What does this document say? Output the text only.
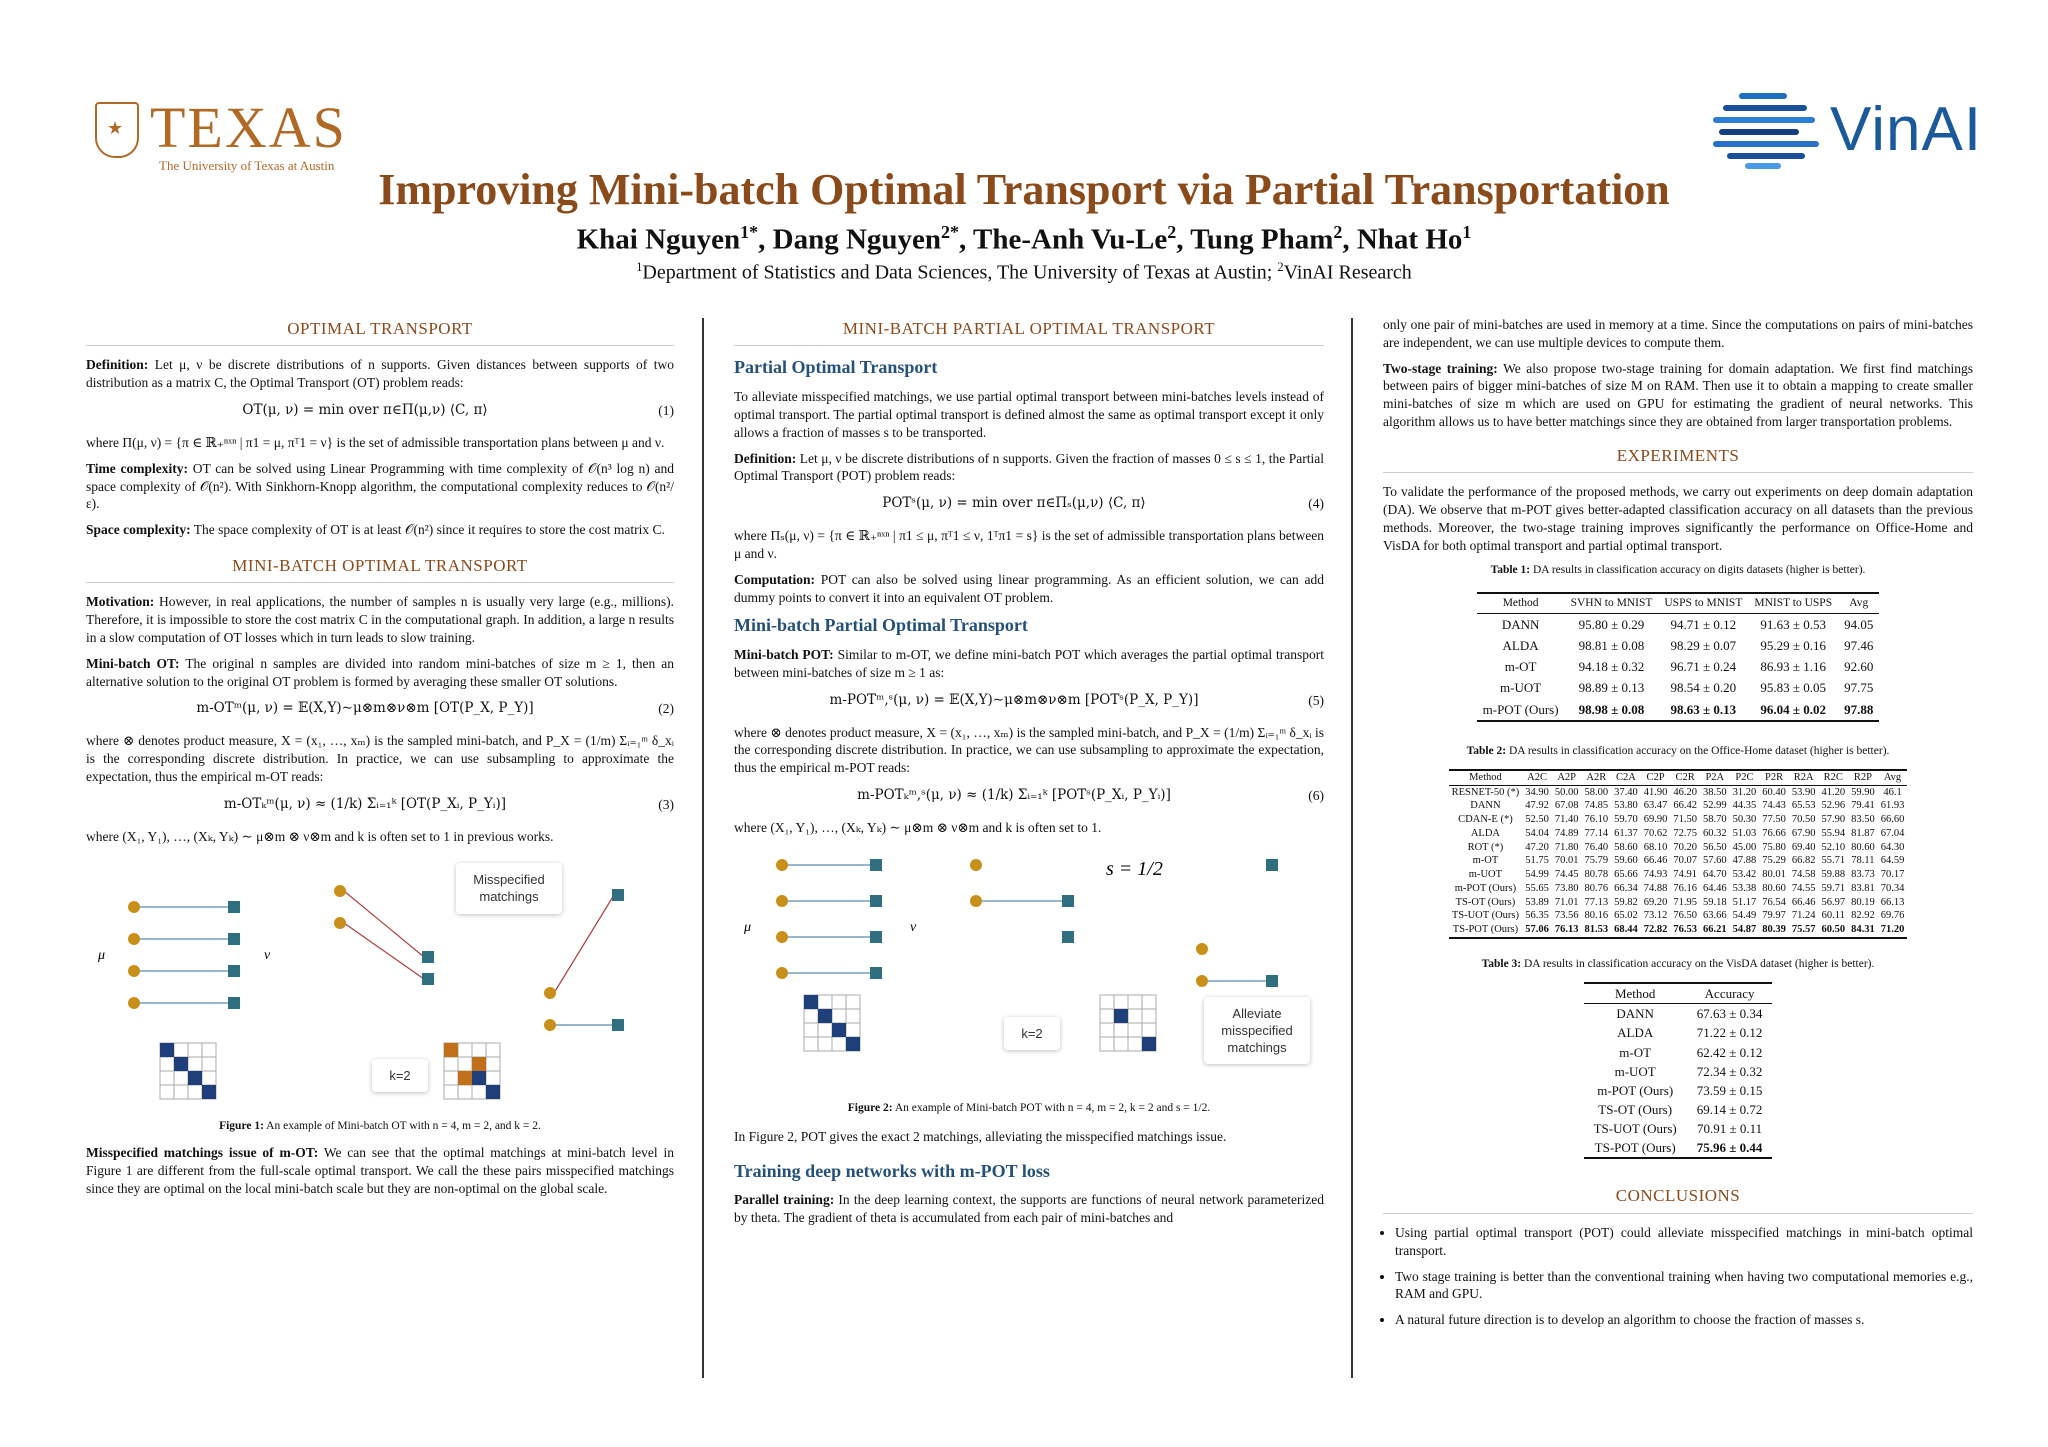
★
TEXAS
The University of Texas at Austin
VinAI
Improving Mini-batch Optimal Transport via Partial Transportation
Khai Nguyen$^{1*}$, Dang Nguyen$^{2*}$, The-Anh Vu-Le$^2$, Tung Pham$^2$, Nhat Ho$^1$
$^1$Department of Statistics and Data Sciences, The University of Texas at Austin; $^2$VinAI Research
OPTIMAL TRANSPORT

Definition: Let μ, ν be discrete distributions of n supports. Given distances between supports of two distribution as a matrix C, the Optimal Transport (OT) problem reads:

OT(μ, ν) = min over π∈Π(μ,ν) ⟨C, π⟩	(1)

where Π(μ, ν) = {π ∈ ℝ₊ⁿˣⁿ | π1 = μ, πᵀ1 = ν} is the set of admissible transportation plans between μ and ν.

Time complexity: OT can be solved using Linear Programming with time complexity of 𝒪(n³ log n) and space complexity of 𝒪(n²). With Sinkhorn-Knopp algorithm, the computational complexity reduces to 𝒪(n²/ε).

Space complexity: The space complexity of OT is at least 𝒪(n²) since it requires to store the cost matrix C.

MINI-BATCH OPTIMAL TRANSPORT

Motivation: However, in real applications, the number of samples n is usually very large (e.g., millions). Therefore, it is impossible to store the cost matrix C in the computational graph. In addition, a large n results in a slow computation of OT losses which in turn leads to slow training.

Mini-batch OT: The original n samples are divided into random mini-batches of size m ≥ 1, then an alternative solution to the original OT problem is formed by averaging these smaller OT solutions.

m-OTᵐ(μ, ν) = 𝔼(X,Y)∼μ⊗m⊗ν⊗m [OT(P_X, P_Y)]	(2)

where ⊗ denotes product measure, X = (x₁, …, xₘ) is the sampled mini-batch, and P_X = (1/m) Σᵢ₌₁ᵐ δ_xᵢ is the corresponding discrete distribution. In practice, we can use subsampling to approximate the expectation, thus the empirical m-OT reads:

m-OTₖᵐ(μ, ν) ≈ (1/k) Σᵢ₌₁ᵏ [OT(P_Xᵢ, P_Yᵢ)]	(3)

where (X₁, Y₁), …, (Xₖ, Yₖ) ∼ μ⊗m ⊗ ν⊗m and k is often set to 1 in previous works.

μ	ν
Misspecified matchings
k=2
Figure 1: An example of Mini-batch OT with n = 4, m = 2, and k = 2.

Misspecified matchings issue of m-OT: We can see that the optimal matchings at mini-batch level in Figure 1 are different from the full-scale optimal transport. We call the these pairs misspecified matchings since they are optimal on the local mini-batch scale but they are non-optimal on the global scale.

MINI-BATCH PARTIAL OPTIMAL TRANSPORT
Partial Optimal Transport

To alleviate misspecified matchings, we use partial optimal transport between mini-batches levels instead of optimal transport. The partial optimal transport is defined almost the same as optimal transport except it only allows a fraction of masses s to be transported.

Definition: Let μ, ν be discrete distributions of n supports. Given the fraction of masses 0 ≤ s ≤ 1, the Partial Optimal Transport (POT) problem reads:

POTˢ(μ, ν) = min over π∈Πₛ(μ,ν) ⟨C, π⟩	(4)

where Πₛ(μ, ν) = {π ∈ ℝ₊ⁿˣⁿ | π1 ≤ μ, πᵀ1 ≤ ν, 1ᵀπ1 = s} is the set of admissible transportation plans between μ and ν.

Computation: POT can also be solved using linear programming. As an efficient solution, we can add dummy points to convert it into an equivalent OT problem.

Mini-batch Partial Optimal Transport

Mini-batch POT: Similar to m-OT, we define mini-batch POT which averages the partial optimal transport between mini-batches of size m ≥ 1 as:

m-POTᵐ,ˢ(μ, ν) = 𝔼(X,Y)∼μ⊗m⊗ν⊗m [POTˢ(P_X, P_Y)]	(5)

where ⊗ denotes product measure, X = (x₁, …, xₘ) is the sampled mini-batch, and P_X = (1/m) Σᵢ₌₁ᵐ δ_xᵢ is the corresponding discrete distribution. In practice, we can use subsampling to approximate the expectation, thus the empirical m-POT reads:

m-POTₖᵐ,ˢ(μ, ν) ≈ (1/k) Σᵢ₌₁ᵏ [POTˢ(P_Xᵢ, P_Yᵢ)]	(6)

where (X₁, Y₁), …, (Xₖ, Yₖ) ∼ μ⊗m ⊗ ν⊗m and k is often set to 1.

μ	ν
s = 1/2
k=2
Alleviate misspecified matchings
Figure 2: An example of Mini-batch POT with n = 4, m = 2, k = 2 and s = 1/2.

In Figure 2, POT gives the exact 2 matchings, alleviating the misspecified matchings issue.

Training deep networks with m-POT loss

Parallel training: In the deep learning context, the supports are functions of neural network parameterized by theta. The gradient of theta is accumulated from each pair of mini-batches and

only one pair of mini-batches are used in memory at a time. Since the computations on pairs of mini-batches are independent, we can use multiple devices to compute them.

Two-stage training: We also propose two-stage training for domain adaptation. We first find matchings between pairs of bigger mini-batches of size M on RAM. Then use it to obtain a mapping to create smaller mini-batches of size m which are used on GPU for estimating the gradient of neural networks. This algorithm allows us to have better matchings since they are obtained from larger transportation problems.

EXPERIMENTS

To validate the performance of the proposed methods, we carry out experiments on deep domain adaptation (DA). We observe that m-POT gives better-adapted classification accuracy on all datasets than the previous methods. Moreover, the two-stage training improves significantly the performance on Office-Home and VisDA for both optimal transport and partial optimal transport.

Table 1: DA results in classification accuracy on digits datasets (higher is better).
Method	SVHN to MNIST	USPS to MNIST	MNIST to USPS	Avg
DANN	95.80 ± 0.29	94.71 ± 0.12	91.63 ± 0.53	94.05
ALDA	98.81 ± 0.08	98.29 ± 0.07	95.29 ± 0.16	97.46
m-OT	94.18 ± 0.32	96.71 ± 0.24	86.93 ± 1.16	92.60
m-UOT	98.89 ± 0.13	98.54 ± 0.20	95.83 ± 0.05	97.75
m-POT (Ours)	98.98 ± 0.08	98.63 ± 0.13	96.04 ± 0.02	97.88
Table 2: DA results in classification accuracy on the Office-Home dataset (higher is better).
Method	A2C	A2P	A2R	C2A	C2P	C2R	P2A	P2C	P2R	R2A	R2C	R2P	Avg
RESNET-50 (*)	34.90	50.00	58.00	37.40	41.90	46.20	38.50	31.20	60.40	53.90	41.20	59.90	46.1
DANN	47.92	67.08	74.85	53.80	63.47	66.42	52.99	44.35	74.43	65.53	52.96	79.41	61.93
CDAN-E (*)	52.50	71.40	76.10	59.70	69.90	71.50	58.70	50.30	77.50	70.50	57.90	83.50	66.60
ALDA	54.04	74.89	77.14	61.37	70.62	72.75	60.32	51.03	76.66	67.90	55.94	81.87	67.04
ROT (*)	47.20	71.80	76.40	58.60	68.10	70.20	56.50	45.00	75.80	69.40	52.10	80.60	64.30
m-OT	51.75	70.01	75.79	59.60	66.46	70.07	57.60	47.88	75.29	66.82	55.71	78.11	64.59
m-UOT	54.99	74.45	80.78	65.66	74.93	74.91	64.70	53.42	80.01	74.58	59.88	83.73	70.17
m-POT (Ours)	55.65	73.80	80.76	66.34	74.88	76.16	64.46	53.38	80.60	74.55	59.71	83.81	70.34
TS-OT (Ours)	53.89	71.01	77.13	59.82	69.20	71.95	59.18	51.17	76.54	66.46	56.97	80.19	66.13
TS-UOT (Ours)	56.35	73.56	80.16	65.02	73.12	76.50	63.66	54.49	79.97	71.24	60.11	82.92	69.76
TS-POT (Ours)	57.06	76.13	81.53	68.44	72.82	76.53	66.21	54.87	80.39	75.57	60.50	84.31	71.20
Table 3: DA results in classification accuracy on the VisDA dataset (higher is better).
Method	Accuracy
DANN	67.63 ± 0.34
ALDA	71.22 ± 0.12
m-OT	62.42 ± 0.12
m-UOT	72.34 ± 0.32
m-POT (Ours)	73.59 ± 0.15
TS-OT (Ours)	69.14 ± 0.72
TS-UOT (Ours)	70.91 ± 0.11
TS-POT (Ours)	75.96 ± 0.44
CONCLUSIONS
• Using partial optimal transport (POT) could alleviate misspecified matchings in mini-batch optimal transport.
• Two stage training is better than the conventional training when having two computational memories e.g., RAM and GPU.
• A natural future direction is to develop an algorithm to choose the fraction of masses s.
